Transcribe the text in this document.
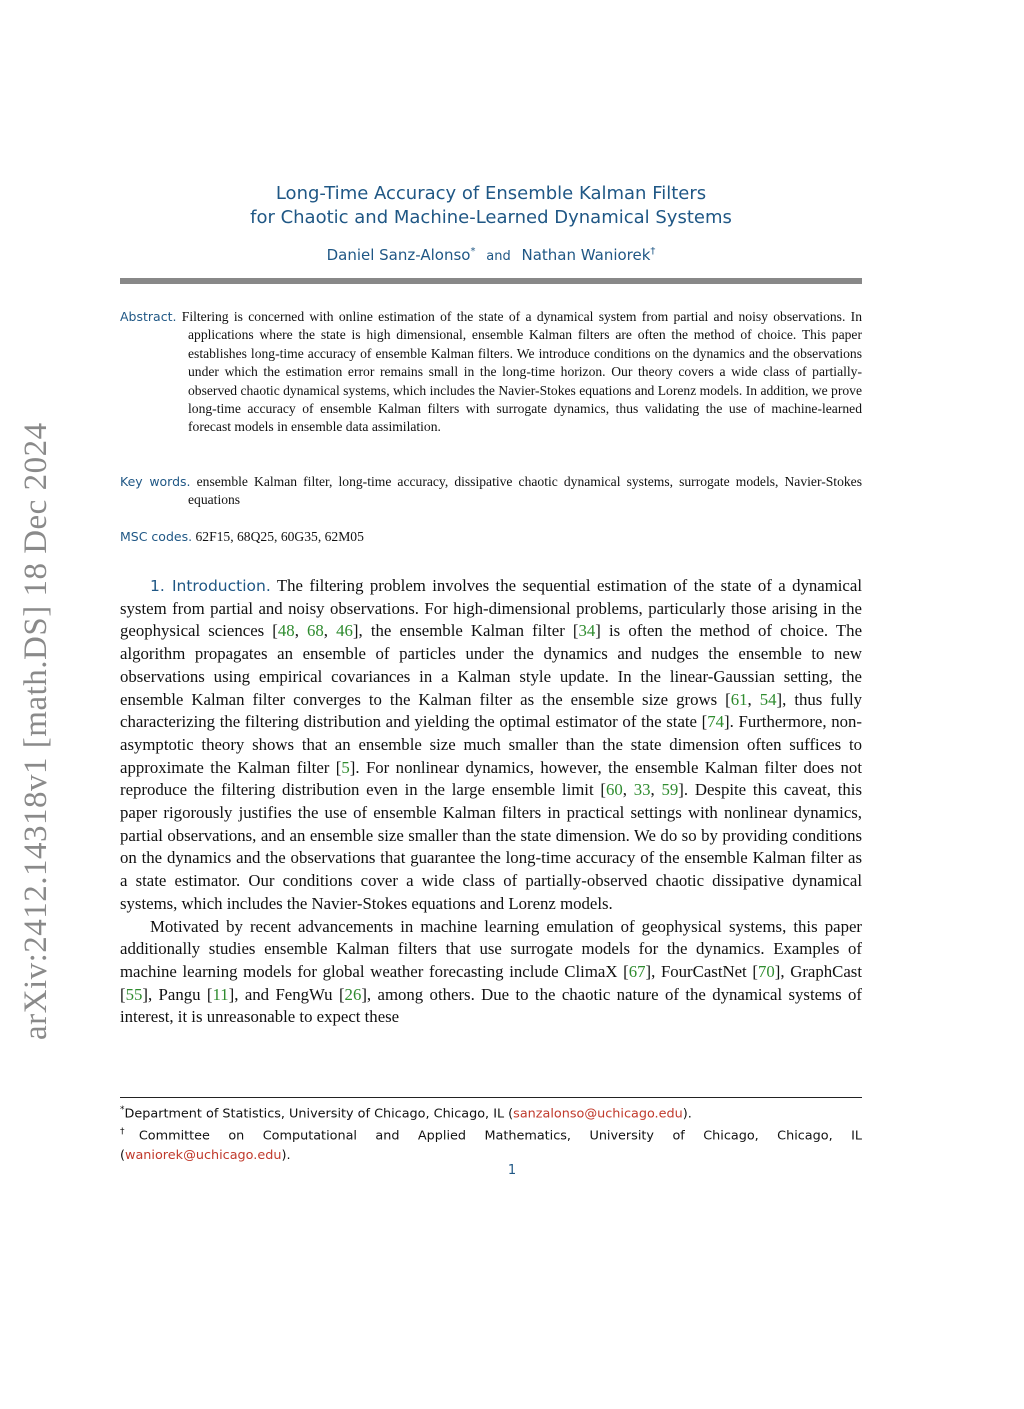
arXiv:2412.14318v1 [math.DS] 18 Dec 2024
Long-Time Accuracy of Ensemble Kalman Filters
for Chaotic and Machine-Learned Dynamical Systems
Daniel Sanz-Alonso* and Nathan Waniorek†
Abstract. Filtering is concerned with online estimation of the state of a dynamical system from partial and noisy observations. In applications where the state is high dimensional, ensemble Kalman filters are often the method of choice. This paper establishes long-time accuracy of ensemble Kalman filters. We introduce conditions on the dynamics and the observations under which the estimation error remains small in the long-time horizon. Our theory covers a wide class of partially-observed chaotic dynamical systems, which includes the Navier-Stokes equations and Lorenz models. In addition, we prove long-time accuracy of ensemble Kalman filters with surrogate dynamics, thus validating the use of machine-learned forecast models in ensemble data assimilation.
Key words. ensemble Kalman filter, long-time accuracy, dissipative chaotic dynamical systems, surrogate models, Navier-Stokes equations
MSC codes. 62F15, 68Q25, 60G35, 62M05

1. Introduction. The filtering problem involves the sequential estimation of the state of a dynamical system from partial and noisy observations. For high-dimensional problems, particularly those arising in the geophysical sciences [48, 68, 46], the ensemble Kalman filter [34] is often the method of choice. The algorithm propagates an ensemble of particles under the dynamics and nudges the ensemble to new observations using empirical covariances in a Kalman style update. In the linear-Gaussian setting, the ensemble Kalman filter converges to the Kalman filter as the ensemble size grows [61, 54], thus fully characterizing the filtering distribution and yielding the optimal estimator of the state [74]. Furthermore, non-asymptotic theory shows that an ensemble size much smaller than the state dimension often suffices to approximate the Kalman filter [5]. For nonlinear dynamics, however, the ensemble Kalman filter does not reproduce the filtering distribution even in the large ensemble limit [60, 33, 59]. Despite this caveat, this paper rigorously justifies the use of ensemble Kalman filters in practical settings with nonlinear dynamics, partial observations, and an ensemble size smaller than the state dimension. We do so by providing conditions on the dynamics and the observations that guarantee the long-time accuracy of the ensemble Kalman filter as a state estimator. Our conditions cover a wide class of partially-observed chaotic dissipative dynamical systems, which includes the Navier-Stokes equations and Lorenz models.

Motivated by recent advancements in machine learning emulation of geophysical systems, this paper additionally studies ensemble Kalman filters that use surrogate models for the dynamics. Examples of machine learning models for global weather forecasting include ClimaX [67], FourCastNet [70], GraphCast [55], Pangu [11], and FengWu [26], among others. Due to the chaotic nature of the dynamical systems of interest, it is unreasonable to expect these

*Department of Statistics, University of Chicago, Chicago, IL (sanzalonso@uchicago.edu).

†Committee on Computational and Applied Mathematics, University of Chicago, Chicago, IL (waniorek@uchicago.edu).

1
